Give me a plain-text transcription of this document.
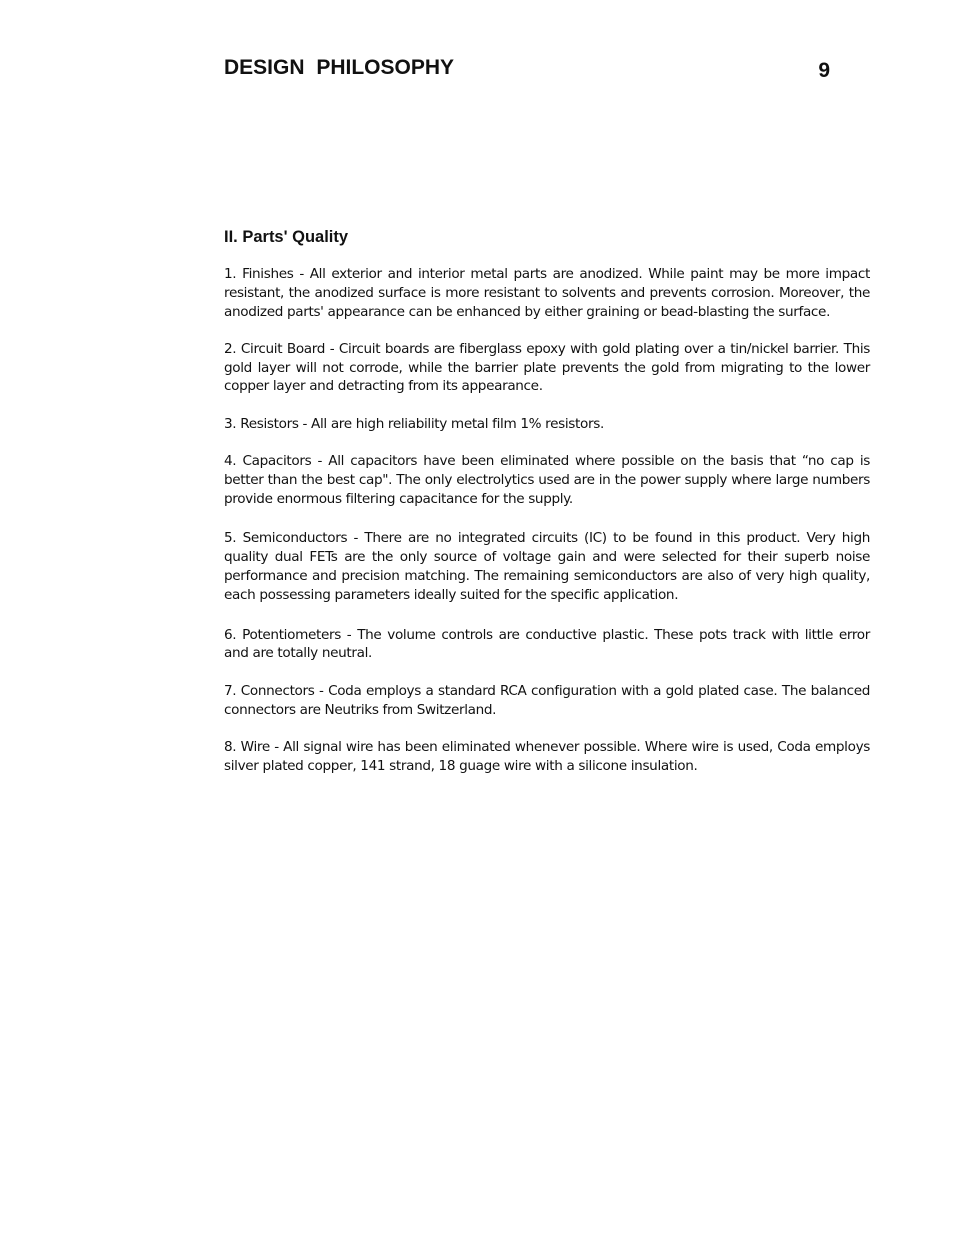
DESIGN PHILOSOPHY	9
II. Parts' Quality

1. Finishes - All exterior and interior metal parts are anodized. While paint may be more impact resistant, the anodized surface is more resistant to solvents and prevents corrosion. Moreover, the anodized parts' appearance can be enhanced by either graining or bead-blasting the surface.

2. Circuit Board - Circuit boards are fiberglass epoxy with gold plating over a tin/nickel barrier. This gold layer will not corrode, while the barrier plate prevents the gold from migrating to the lower copper layer and detracting from its appearance.

3. Resistors - All are high reliability metal film 1% resistors.

4. Capacitors - All capacitors have been eliminated where possible on the basis that “no cap is better than the best cap". The only electrolytics used are in the power supply where large numbers provide enormous filtering capacitance for the supply.

5. Semiconductors - There are no integrated circuits (IC) to be found in this product. Very high quality dual FETs are the only source of voltage gain and were selected for their superb noise performance and precision matching. The remaining semiconductors are also of very high quality, each possessing parameters ideally suited for the specific application.

6. Potentiometers - The volume controls are conductive plastic. These pots track with little error and are totally neutral.

7. Connectors - Coda employs a standard RCA configuration with a gold plated case. The balanced connectors are Neutriks from Switzerland.

8. Wire - All signal wire has been eliminated whenever possible. Where wire is used, Coda employs silver plated copper, 141 strand, 18 guage wire with a silicone insulation.
